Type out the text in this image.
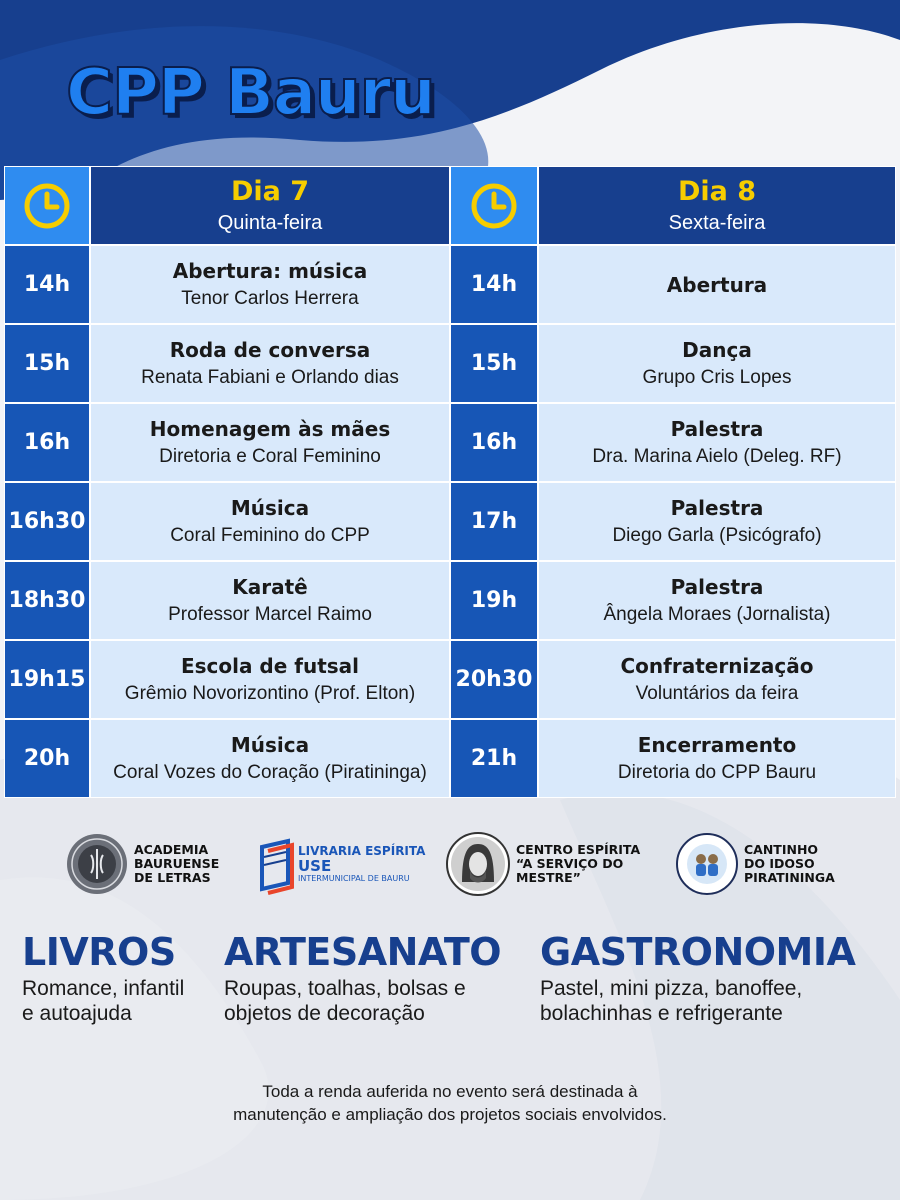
CPP Bauru
Dia 7
Quinta-feira
Dia 8
Sexta-feira
14h
Abertura: música
Tenor Carlos Herrera
14h	Abertura
15h
Roda de conversa
Renata Fabiani e Orlando dias
15h
Dança
Grupo Cris Lopes
16h
Homenagem às mães
Diretoria e Coral Feminino
16h
Palestra
Dra. Marina Aielo (Deleg. RF)
16h30
Música
Coral Feminino do CPP
17h
Palestra
Diego Garla (Psicógrafo)
18h30
Karatê
Professor Marcel Raimo
19h
Palestra
Ângela Moraes (Jornalista)
19h15
Escola de futsal
Grêmio Novorizontino (Prof. Elton)
20h30
Confraternização
Voluntários da feira
20h
Música
Coral Vozes do Coração (Piratininga)
21h
Encerramento
Diretoria do CPP Bauru
ACADEMIA
BAURUENSE
DE LETRAS
LIVRARIA ESPÍRITA
USE
INTERMUNICIPAL DE BAURU
CENTRO ESPÍRITA
“A SERVIÇO DO
MESTRE”
CANTINHO
DO IDOSO
PIRATININGA
LIVROS
Romance, infantil
e autoajuda
ARTESANATO
Roupas, toalhas, bolsas e
objetos de decoração
GASTRONOMIA
Pastel, mini pizza, banoffee,
bolachinhas e refrigerante
Toda a renda auferida no evento será destinada à
manutenção e ampliação dos projetos sociais envolvidos.
